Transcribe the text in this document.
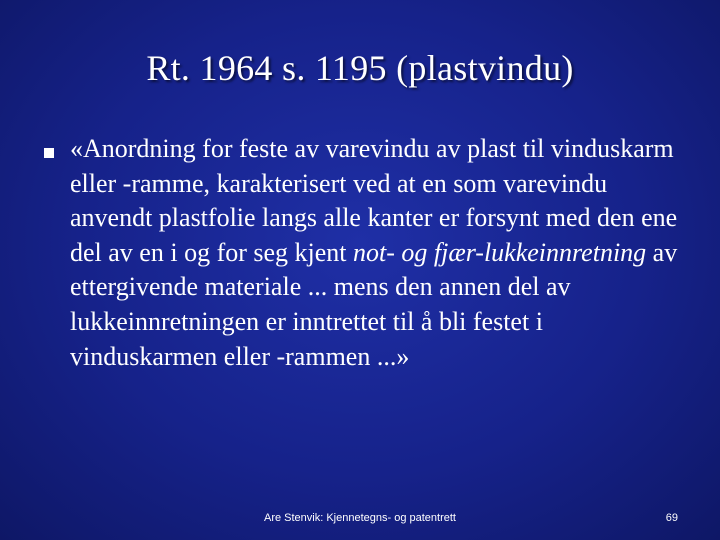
Rt. 1964 s. 1195 (plastvindu)
«Anordning for feste av varevindu av plast til vinduskarm eller -ramme, karakterisert ved at en som varevindu anvendt plastfolie langs alle kanter er forsynt med den ene del av en i og for seg kjent not- og fjær-lukkeinnretning av ettergivende materiale ... mens den annen del av lukkeinnretningen er inntrettet til å bli festet i vinduskarmen eller -rammen ...»
Are Stenvik: Kjennetegns- og patentrett	69
